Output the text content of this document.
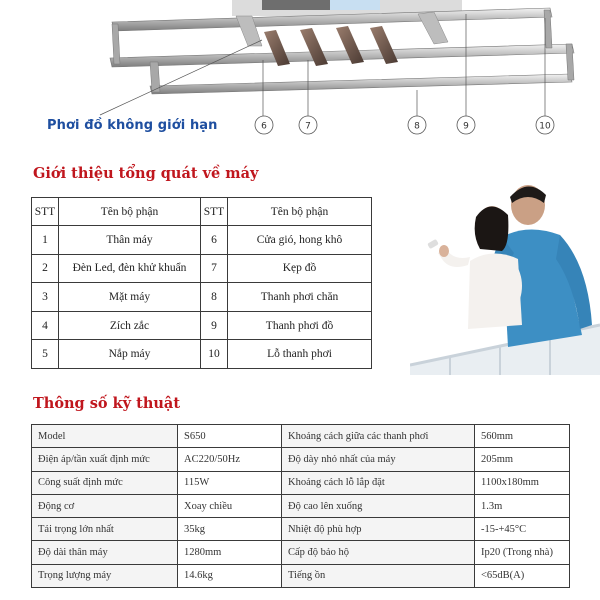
6	7	8	9	10
Phơi đồ không giới hạn
Giới thiệu tổng quát về máy
STT	Tên bộ phận	STT	Tên bộ phận
1	Thân máy	6	Cửa gió, hong khô
2	Đèn Led, đèn khử khuẩn	7	Kẹp đồ
3	Mặt máy	8	Thanh phơi chăn
4	Zích zắc	9	Thanh phơi đồ
5	Nắp máy	10	Lỗ thanh phơi
Thông số kỹ thuật
Model	S650	Khoảng cách giữa các thanh phơi	560mm
Điện áp/tần xuất định mức	AC220/50Hz	Độ dày nhỏ nhất của máy	205mm
Công suất định mức	115W	Khoảng cách lỗ lắp đặt	1100x180mm
Động cơ	Xoay chiều	Độ cao lên xuống	1.3m
Tải trọng lớn nhất	35kg	Nhiệt độ phù hợp	-15-+45°C
Độ dài thân máy	1280mm	Cấp độ bảo hộ	Ip20 (Trong nhà)
Trọng lượng máy	14.6kg	Tiếng ồn	<65dB(A)
